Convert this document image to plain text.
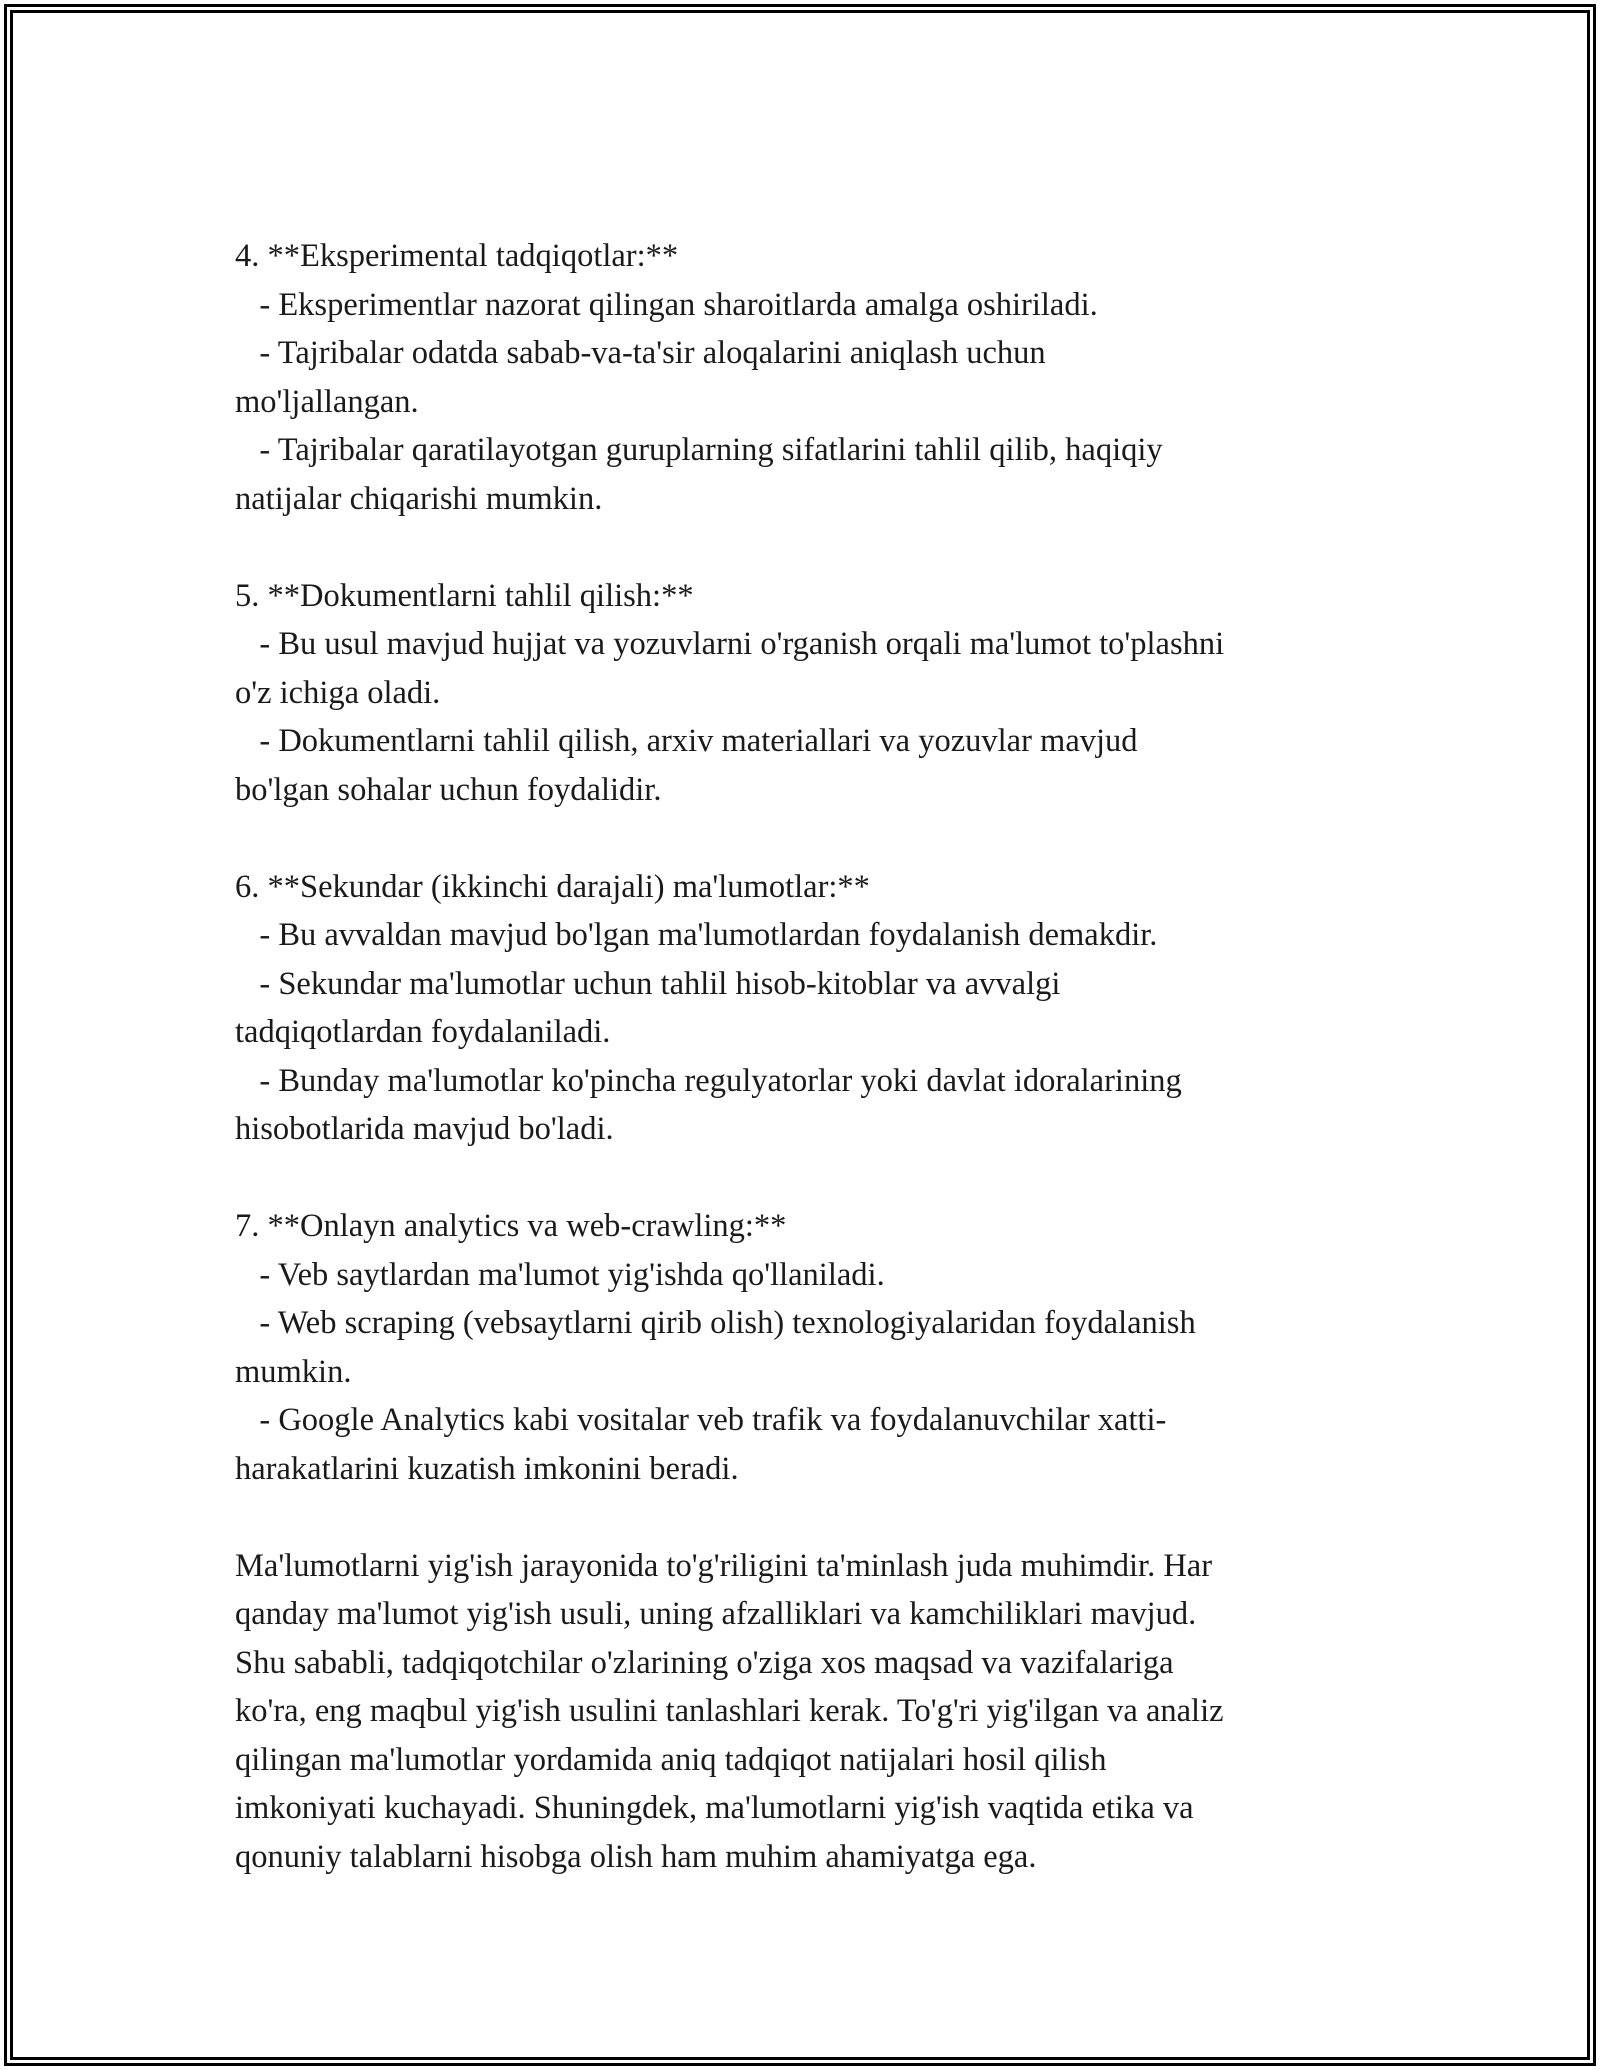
4. **Eksperimental tadqiqotlar:**
- Eksperimentlar nazorat qilingan sharoitlarda amalga oshiriladi.
- Tajribalar odatda sabab-va-ta'sir aloqalarini aniqlash uchun
mo'ljallangan.
- Tajribalar qaratilayotgan guruplarning sifatlarini tahlil qilib, haqiqiy
natijalar chiqarishi mumkin.
5. **Dokumentlarni tahlil qilish:**
- Bu usul mavjud hujjat va yozuvlarni o'rganish orqali ma'lumot to'plashni
o'z ichiga oladi.
- Dokumentlarni tahlil qilish, arxiv materiallari va yozuvlar mavjud
bo'lgan sohalar uchun foydalidir.
6. **Sekundar (ikkinchi darajali) ma'lumotlar:**
- Bu avvaldan mavjud bo'lgan ma'lumotlardan foydalanish demakdir.
- Sekundar ma'lumotlar uchun tahlil hisob-kitoblar va avvalgi
tadqiqotlardan foydalaniladi.
- Bunday ma'lumotlar ko'pincha regulyatorlar yoki davlat idoralarining
hisobotlarida mavjud bo'ladi.
7. **Onlayn analytics va web-crawling:**
- Veb saytlardan ma'lumot yig'ishda qo'llaniladi.
- Web scraping (vebsaytlarni qirib olish) texnologiyalaridan foydalanish
mumkin.
- Google Analytics kabi vositalar veb trafik va foydalanuvchilar xatti-
harakatlarini kuzatish imkonini beradi.
Ma'lumotlarni yig'ish jarayonida to'g'riligini ta'minlash juda muhimdir. Har
qanday ma'lumot yig'ish usuli, uning afzalliklari va kamchiliklari mavjud.
Shu sababli, tadqiqotchilar o'zlarining o'ziga xos maqsad va vazifalariga
ko'ra, eng maqbul yig'ish usulini tanlashlari kerak. To'g'ri yig'ilgan va analiz
qilingan ma'lumotlar yordamida aniq tadqiqot natijalari hosil qilish
imkoniyati kuchayadi. Shuningdek, ma'lumotlarni yig'ish vaqtida etika va
qonuniy talablarni hisobga olish ham muhim ahamiyatga ega.
